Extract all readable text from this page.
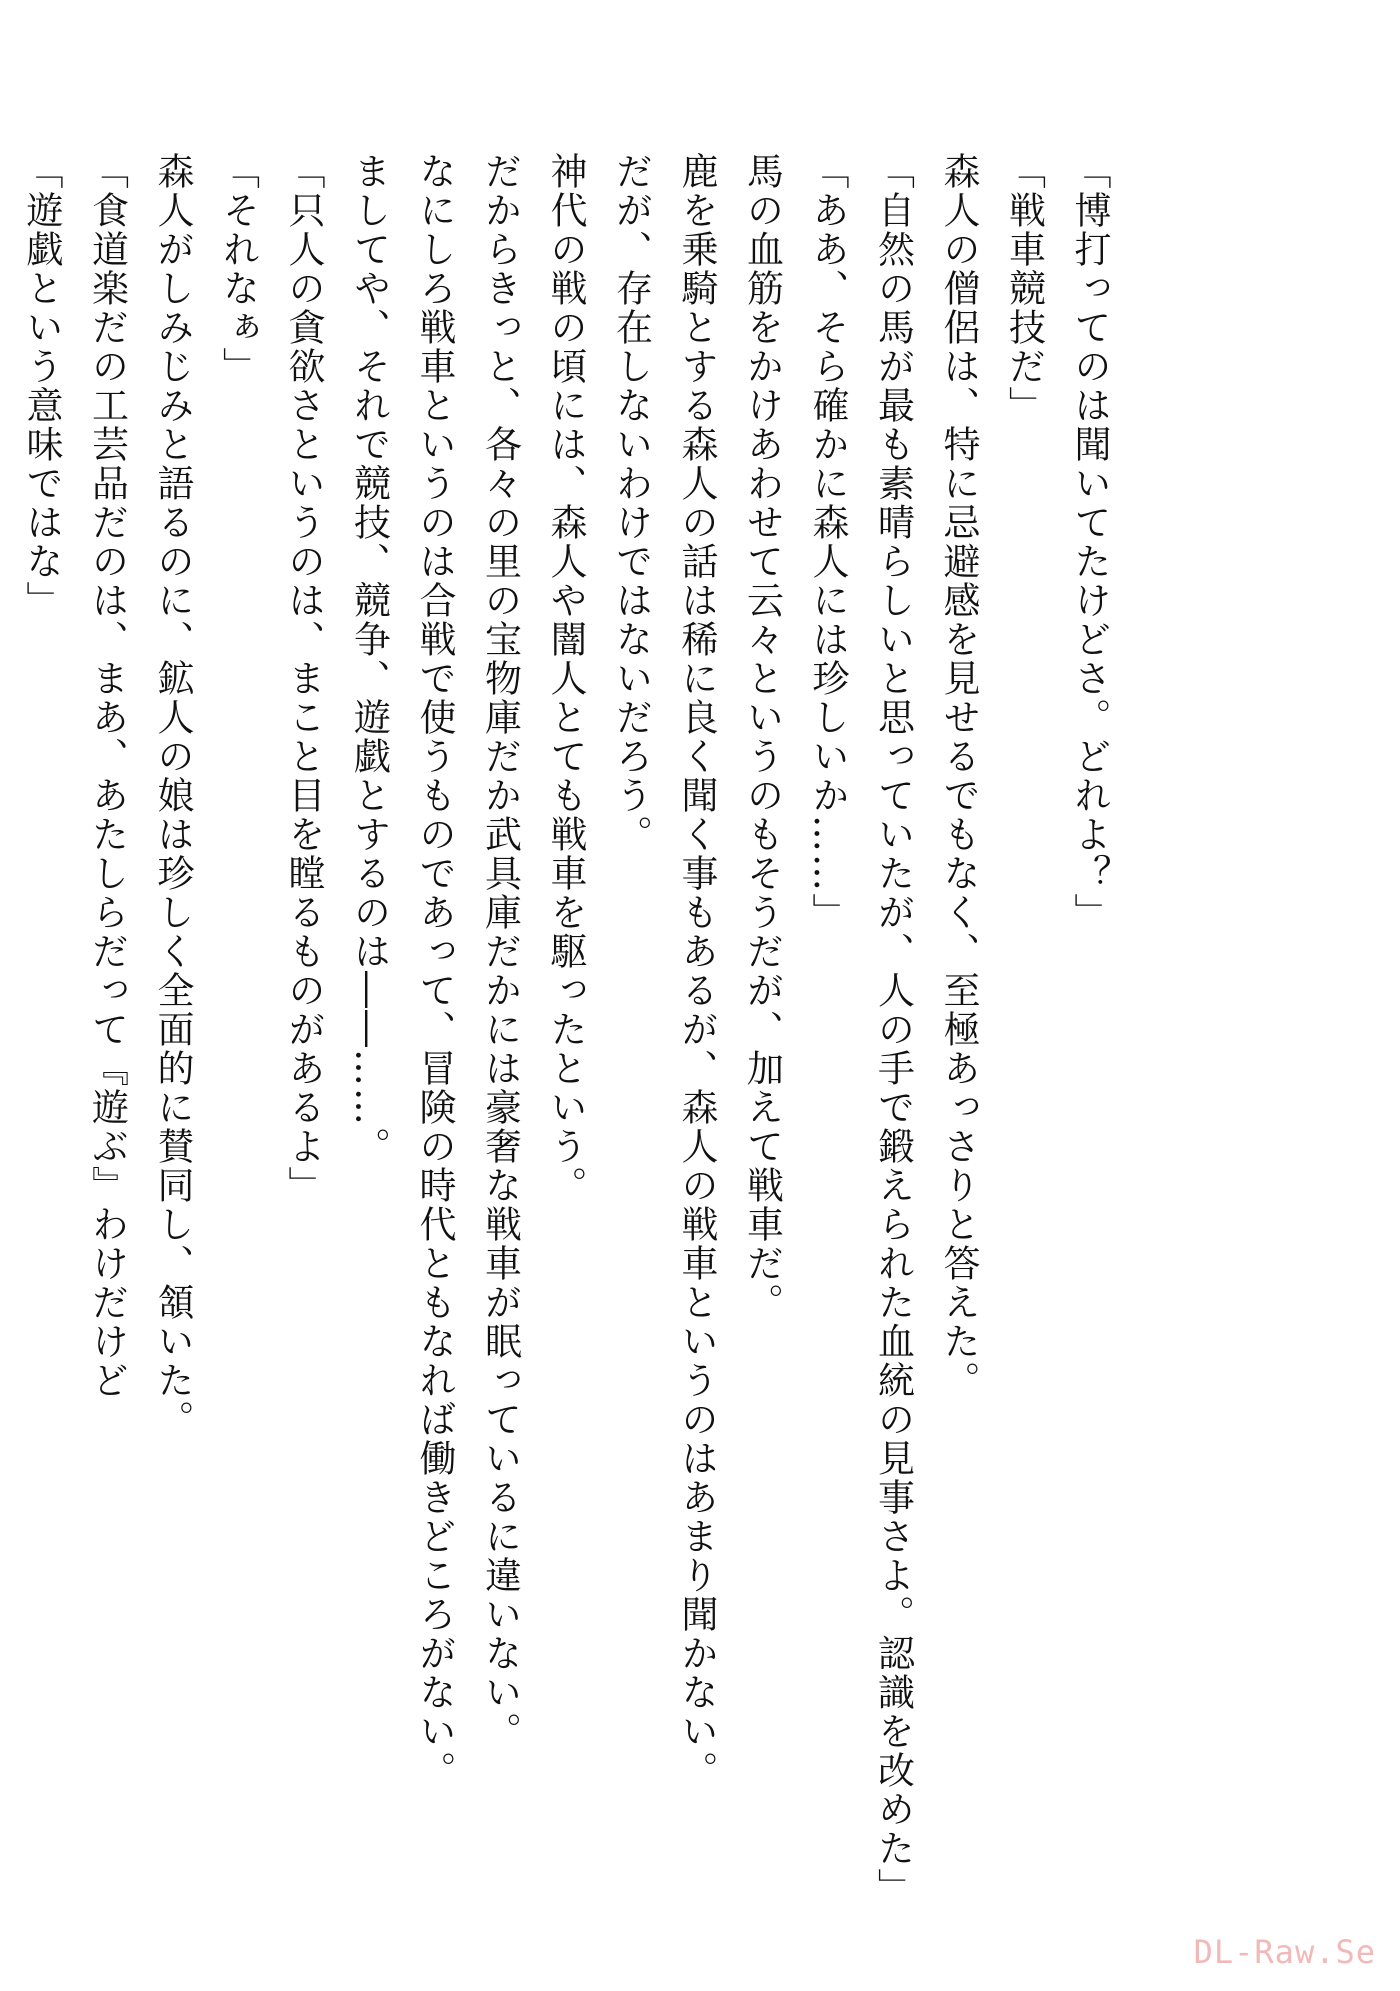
「博打ってのは聞いてたけどさ。どれよ？」
「戦車競技だ」
森人の僧侶は、特に忌避感を見せるでもなく、至極あっさりと答えた。
「自然の馬が最も素晴らしいと思っていたが、人の手で鍛えられた血統の見事さよ。認識を改めた」
「ああ、そら確かに森人には珍しいか……」
馬の血筋をかけあわせて云々というのもそうだが、加えて戦車だ。
鹿を乗騎とする森人の話は稀に良く聞く事もあるが、森人の戦車というのはあまり聞かない。
だが、存在しないわけではないだろう。
神代の戦の頃には、森人や闇人とても戦車を駆ったという。
だからきっと、各々の里の宝物庫だか武具庫だかには豪奢な戦車が眠っているに違いない。
なにしろ戦車というのは合戦で使うものであって、冒険の時代ともなれば働きどころがない。
ましてや、それで競技、競争、遊戯とするのは――……。
「只人の貪欲さというのは、まこと目を瞠るものがあるよ」
「それなぁ」
森人がしみじみと語るのに、鉱人の娘は珍しく全面的に賛同し、頷いた。
「食道楽だの工芸品だのは、まあ、あたしらだって『遊ぶ』わけだけど
「遊戯という意味ではな」
DL-Raw.Se
